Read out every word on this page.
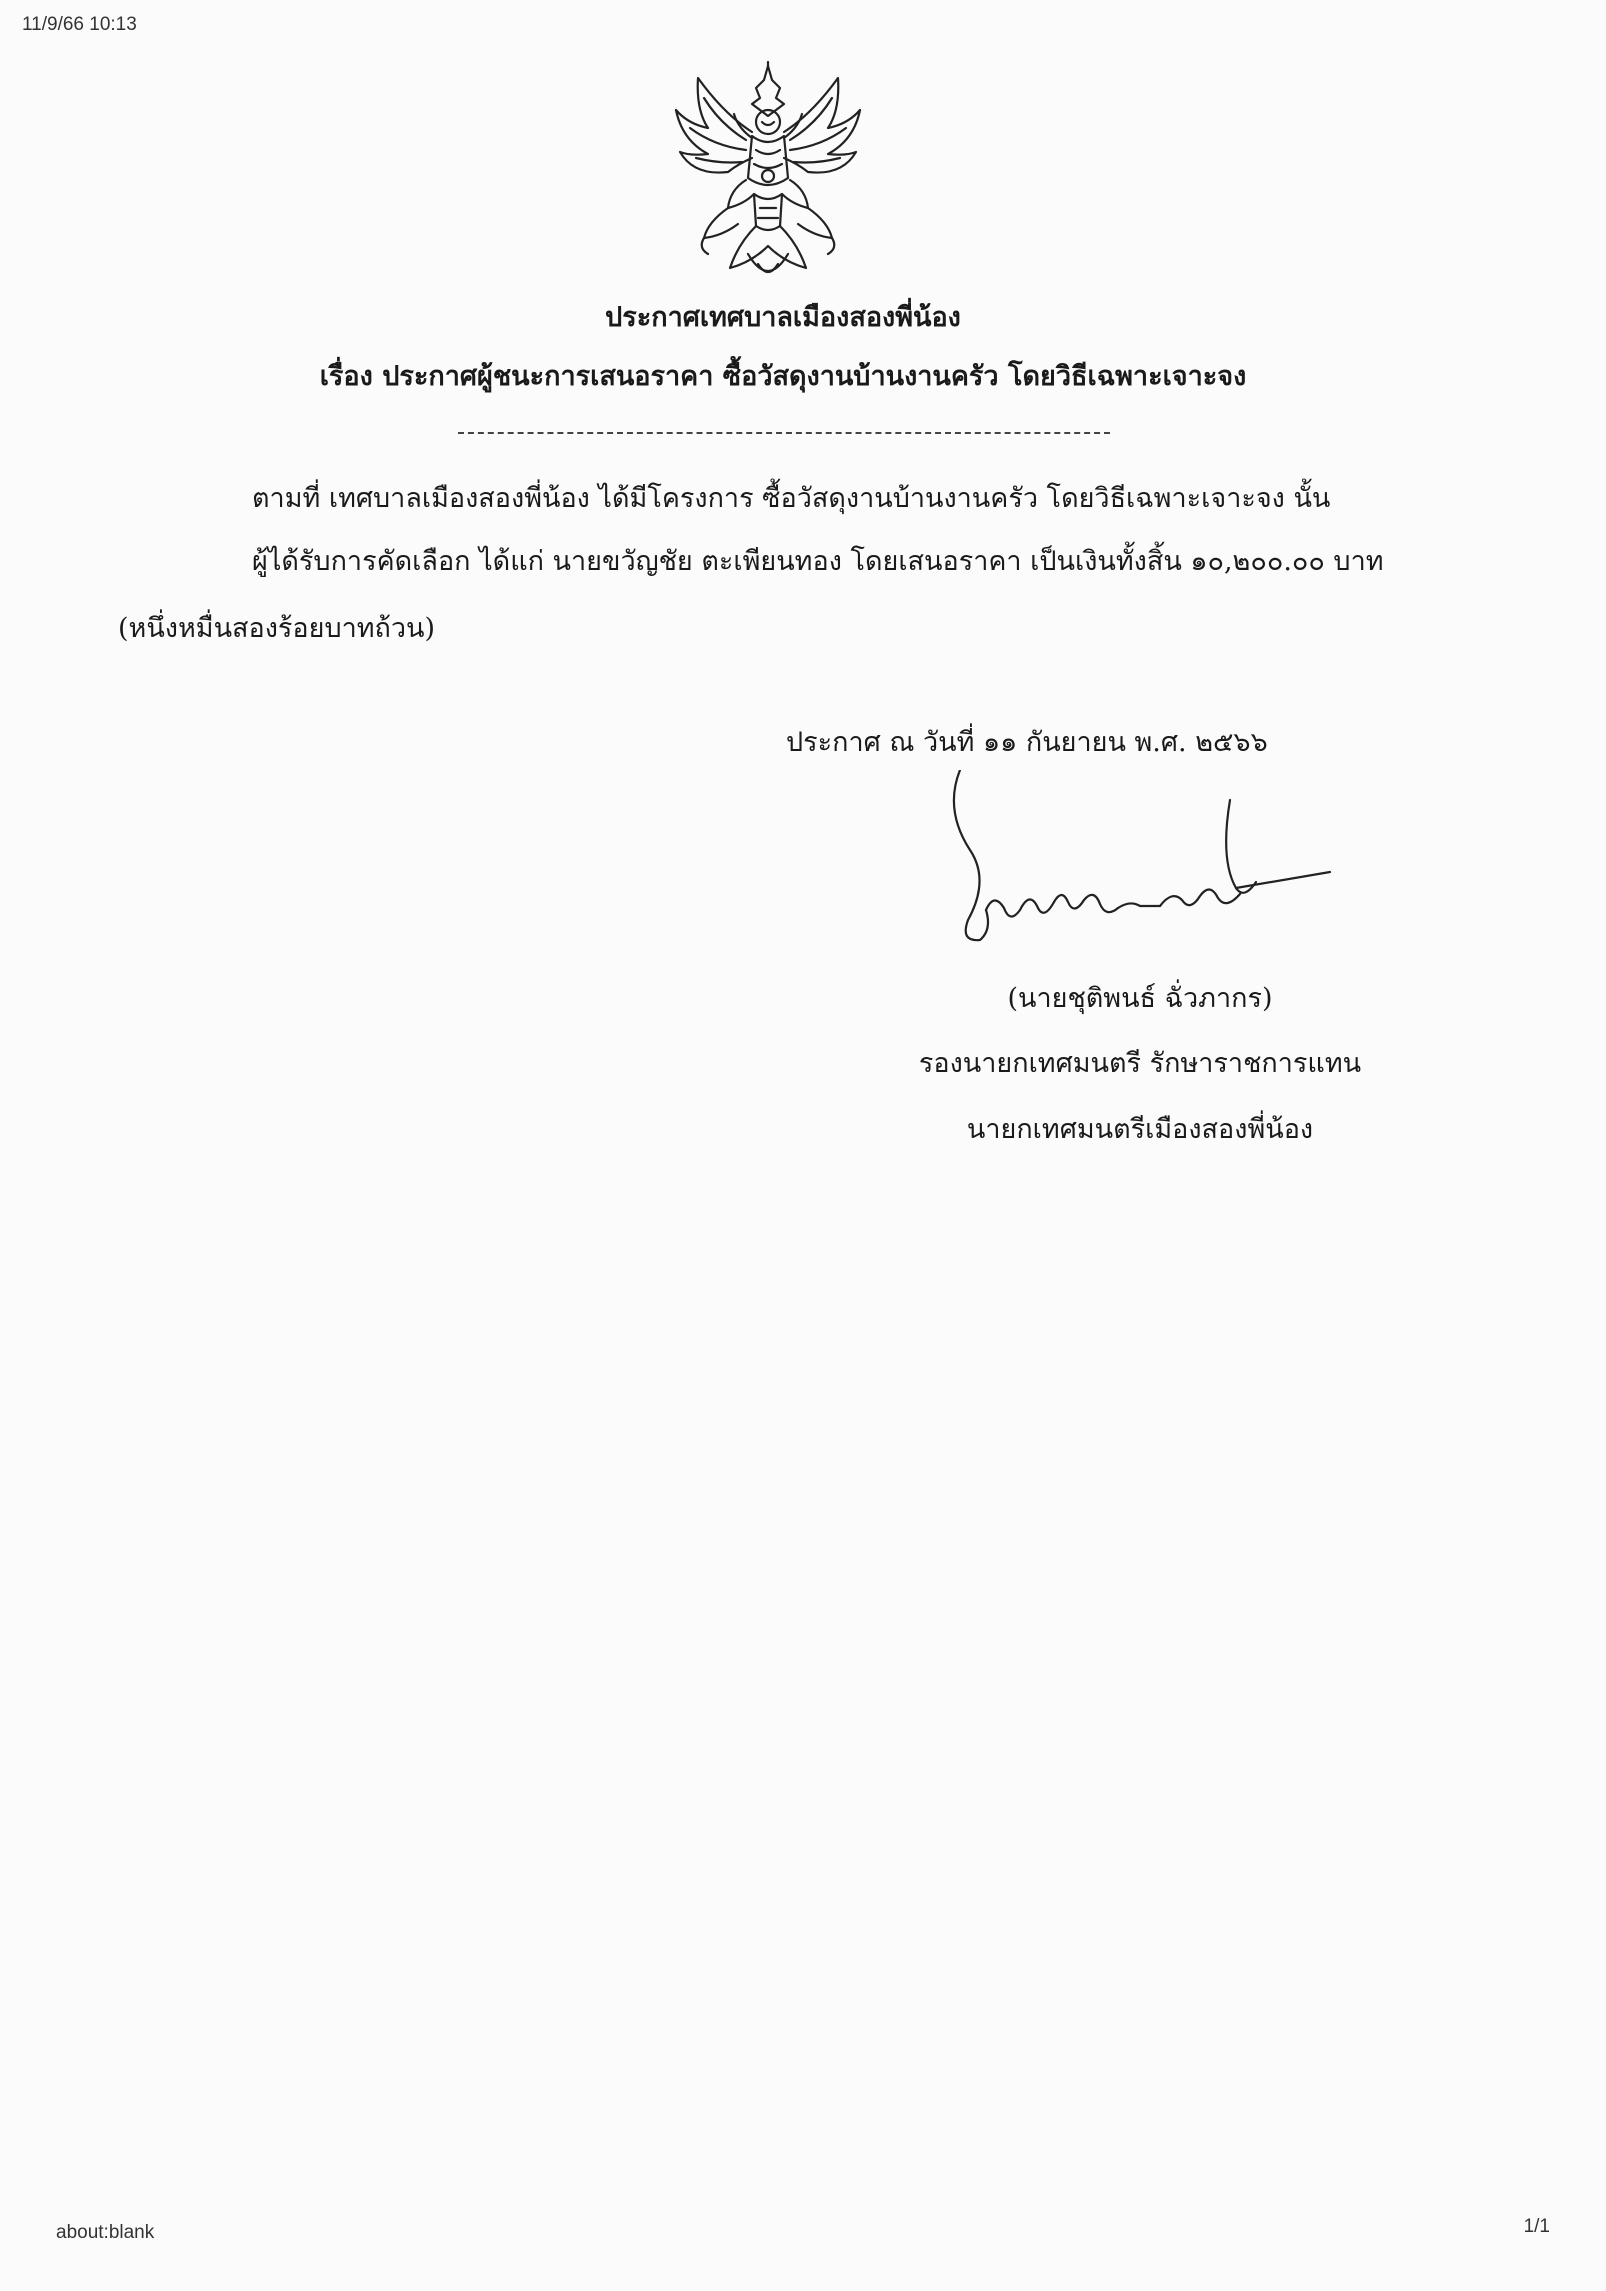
11/9/66 10:13
ประกาศเทศบาลเมืองสองพี่น้อง
เรื่อง ประกาศผู้ชนะการเสนอราคา ซื้อวัสดุงานบ้านงานครัว โดยวิธีเฉพาะเจาะจง
ตามที่ เทศบาลเมืองสองพี่น้อง ได้มีโครงการ ซื้อวัสดุงานบ้านงานครัว โดยวิธีเฉพาะเจาะจง นั้น
ผู้ได้รับการคัดเลือก ได้แก่ นายขวัญชัย ตะเพียนทอง โดยเสนอราคา เป็นเงินทั้งสิ้น ๑๐,๒๐๐.๐๐ บาท
(หนึ่งหมื่นสองร้อยบาทถ้วน)
ประกาศ ณ วันที่ ๑๑ กันยายน พ.ศ. ๒๕๖๖
(นายชุติพนธ์ ฉั่วภากร)
รองนายกเทศมนตรี รักษาราชการแทน
นายกเทศมนตรีเมืองสองพี่น้อง
about:blank	1/1
